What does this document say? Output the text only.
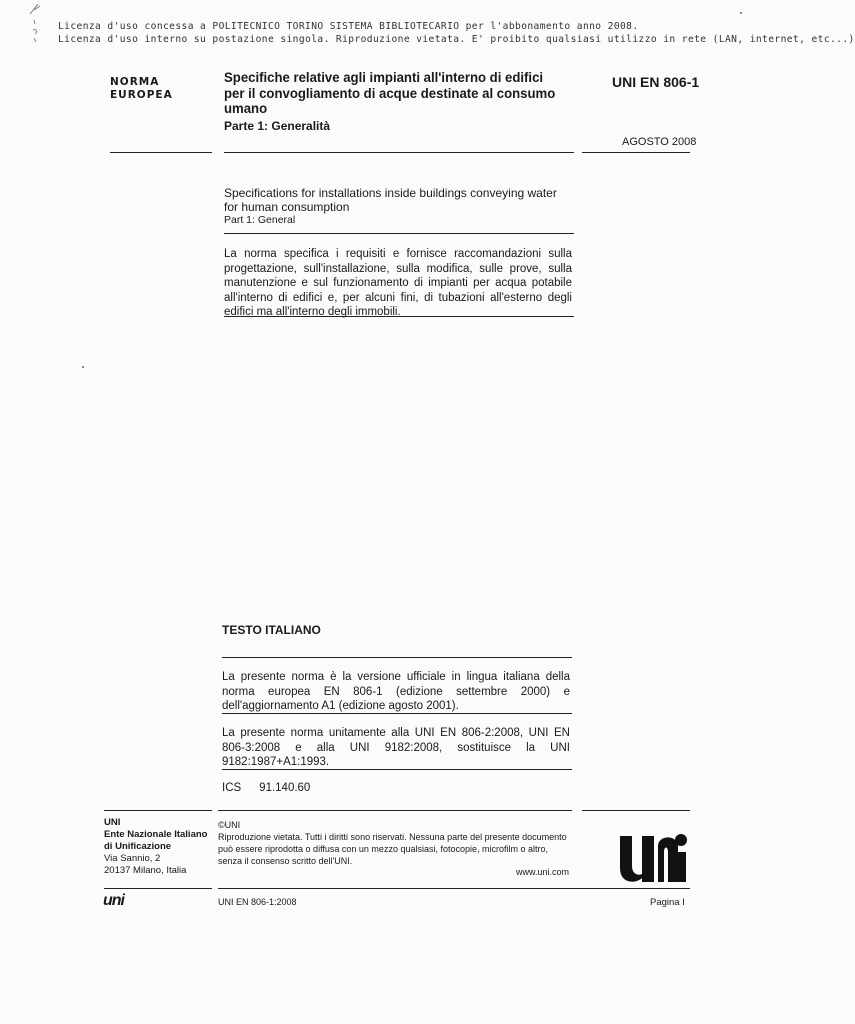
Licenza d'uso concessa a POLITECNICO TORINO SISTEMA BIBLIOTECARIO per l'abbonamento anno 2008.
Licenza d'uso interno su postazione singola. Riproduzione vietata. E' proibito qualsiasi utilizzo in rete (LAN, internet, etc...)
NORMA
EUROPEA
Specifiche relative agli impianti all'interno di edifici per il convogliamento di acque destinate al consumo umano
Parte 1: Generalità
UNI EN 806-1
AGOSTO 2008
Specifications for installations inside buildings conveying water for human consumption
Part 1: General
La norma specifica i requisiti e fornisce raccomandazioni sulla progettazione, sull'installazione, sulla modifica, sulle prove, sulla manutenzione e sul funzionamento di impianti per acqua potabile all'interno di edifici e, per alcuni fini, di tubazioni all'esterno degli edifici ma all'interno degli immobili.
TESTO ITALIANO
La presente norma è la versione ufficiale in lingua italiana della norma europea EN 806-1 (edizione settembre 2000) e dell'aggiornamento A1 (edizione agosto 2001).
La presente norma unitamente alla UNI EN 806-2:2008, UNI EN 806-3:2008 e alla UNI 9182:2008, sostituisce la UNI 9182:1987+A1:1993.
ICS 91.140.60
UNI
Ente Nazionale Italiano
di Unificazione
Via Sannio, 2
20137 Milano, Italia
©UNI
Riproduzione vietata. Tutti i diritti sono riservati. Nessuna parte del presente documento può essere riprodotta o diffusa con un mezzo qualsiasi, fotocopie, microfilm o altro, senza il consenso scritto dell'UNI.
www.uni.com
uni	UNI EN 806-1:2008	Pagina I
